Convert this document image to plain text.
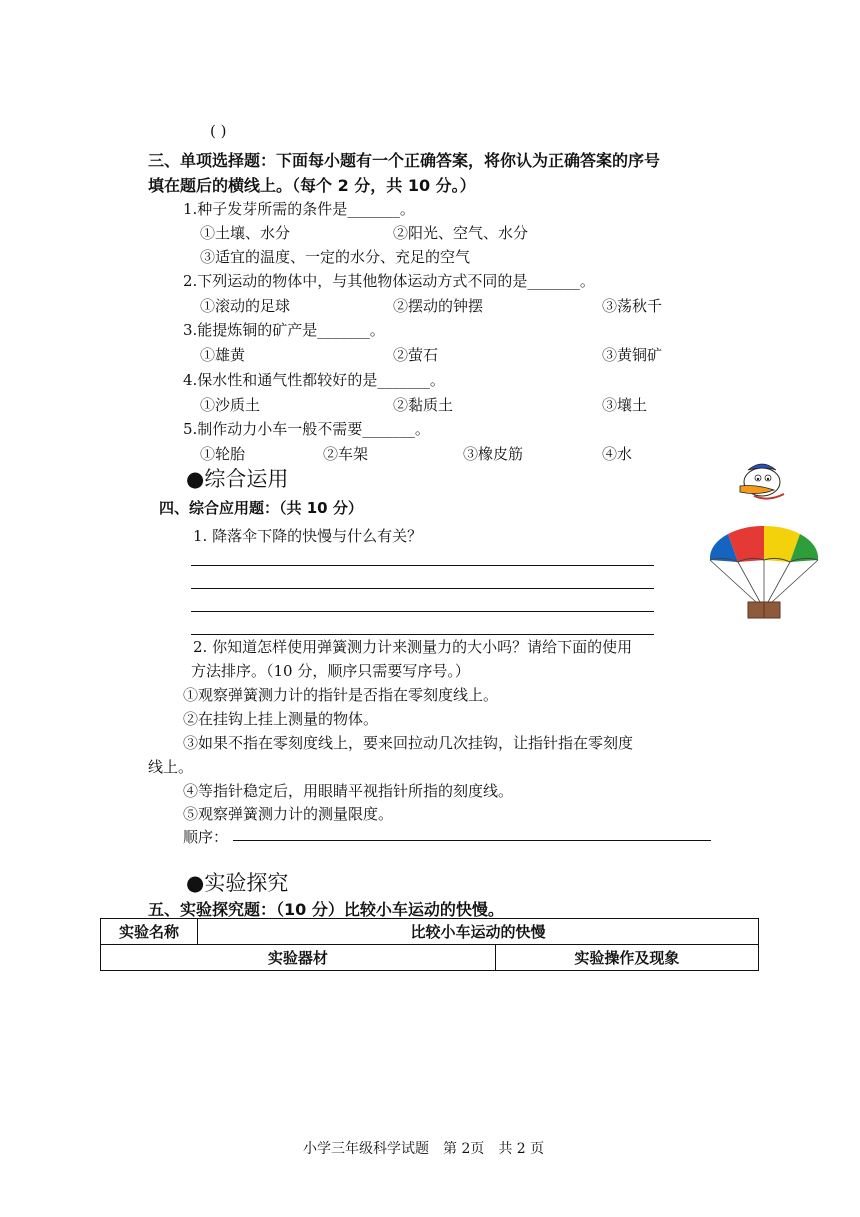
( )
三、单项选择题：下面每小题有一个正确答案，将你认为正确答案的序号
填在题后的横线上。（每个 2 分，共 10 分。）
1.种子发芽所需的条件是_______。
①土壤、水分	②阳光、空气、水分
③适宜的温度、一定的水分、充足的空气
2.下列运动的物体中，与其他物体运动方式不同的是_______。
①滚动的足球	②摆动的钟摆	③荡秋千
3.能提炼铜的矿产是_______。
①雄黄	②萤石	③黄铜矿
4.保水性和通气性都较好的是_______。
①沙质土	②黏质土	③壤土
5.制作动力小车一般不需要_______。
①轮胎	②车架	③橡皮筋	④水
●综合运用
四、综合应用题：（共 10 分）
1. 降落伞下降的快慢与什么有关？
2. 你知道怎样使用弹簧测力计来测量力的大小吗？请给下面的使用
方法排序。（10 分，顺序只需要写序号。）
①观察弹簧测力计的指针是否指在零刻度线上。
②在挂钩上挂上测量的物体。
③如果不指在零刻度线上，要来回拉动几次挂钩，让指针指在零刻度
线上。
④等指针稳定后，用眼睛平视指针所指的刻度线。
⑤观察弹簧测力计的测量限度。
顺序：
●实验探究
五、实验探究题：（10 分）比较小车运动的快慢。
实验名称	比较小车运动的快慢	
实验器材		实验操作及现象
小学三年级科学试题　第 2页　共 2 页
